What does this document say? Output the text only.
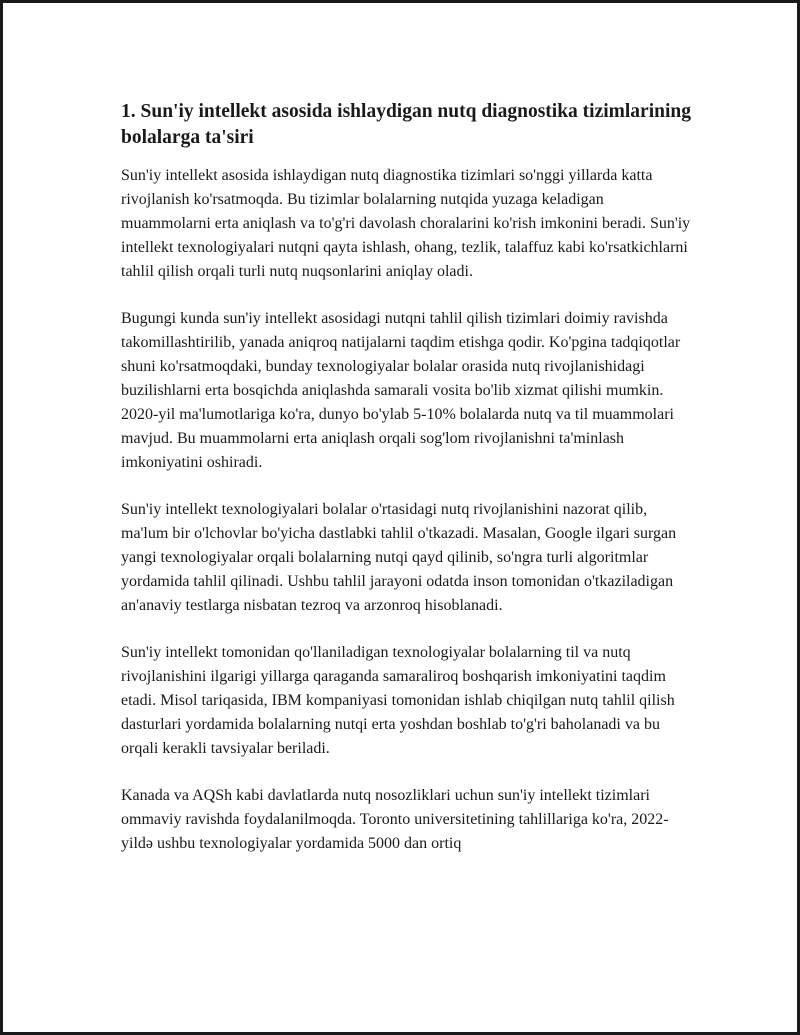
1. Sun'iy intellekt asosida ishlaydigan nutq diagnostika tizimlarining bolalarga ta'siri

Sun'iy intellekt asosida ishlaydigan nutq diagnostika tizimlari so'nggi yillarda katta rivojlanish ko'rsatmoqda. Bu tizimlar bolalarning nutqida yuzaga keladigan muammolarni erta aniqlash va to'g'ri davolash choralarini ko'rish imkonini beradi. Sun'iy intellekt texnologiyalari nutqni qayta ishlash, ohang, tezlik, talaffuz kabi ko'rsatkichlarni tahlil qilish orqali turli nutq nuqsonlarini aniqlay oladi.

Bugungi kunda sun'iy intellekt asosidagi nutqni tahlil qilish tizimlari doimiy ravishda takomillashtirilib, yanada aniqroq natijalarni taqdim etishga qodir. Ko'pgina tadqiqotlar shuni ko'rsatmoqdaki, bunday texnologiyalar bolalar orasida nutq rivojlanishidagi buzilishlarni erta bosqichda aniqlashda samarali vosita bo'lib xizmat qilishi mumkin. 2020-yil ma'lumotlariga ko'ra, dunyo bo'ylab 5-10% bolalarda nutq va til muammolari mavjud. Bu muammolarni erta aniqlash orqali sog'lom rivojlanishni ta'minlash imkoniyatini oshiradi.

Sun'iy intellekt texnologiyalari bolalar o'rtasidagi nutq rivojlanishini nazorat qilib, ma'lum bir o'lchovlar bo'yicha dastlabki tahlil o'tkazadi. Masalan, Google ilgari surgan yangi texnologiyalar orqali bolalarning nutqi qayd qilinib, so'ngra turli algoritmlar yordamida tahlil qilinadi. Ushbu tahlil jarayoni odatda inson tomonidan o'tkaziladigan an'anaviy testlarga nisbatan tezroq va arzonroq hisoblanadi.

Sun'iy intellekt tomonidan qo'llaniladigan texnologiyalar bolalarning til va nutq rivojlanishini ilgarigi yillarga qaraganda samaraliroq boshqarish imkoniyatini taqdim etadi. Misol tariqasida, IBM kompaniyasi tomonidan ishlab chiqilgan nutq tahlil qilish dasturlari yordamida bolalarning nutqi erta yoshdan boshlab to'g'ri baholanadi va bu orqali kerakli tavsiyalar beriladi.

Kanada va AQSh kabi davlatlarda nutq nosozliklari uchun sun'iy intellekt tizimlari ommaviy ravishda foydalanilmoqda. Toronto universitetining tahlillariga ko'ra, 2022-yildə ushbu texnologiyalar yordamida 5000 dan ortiq
